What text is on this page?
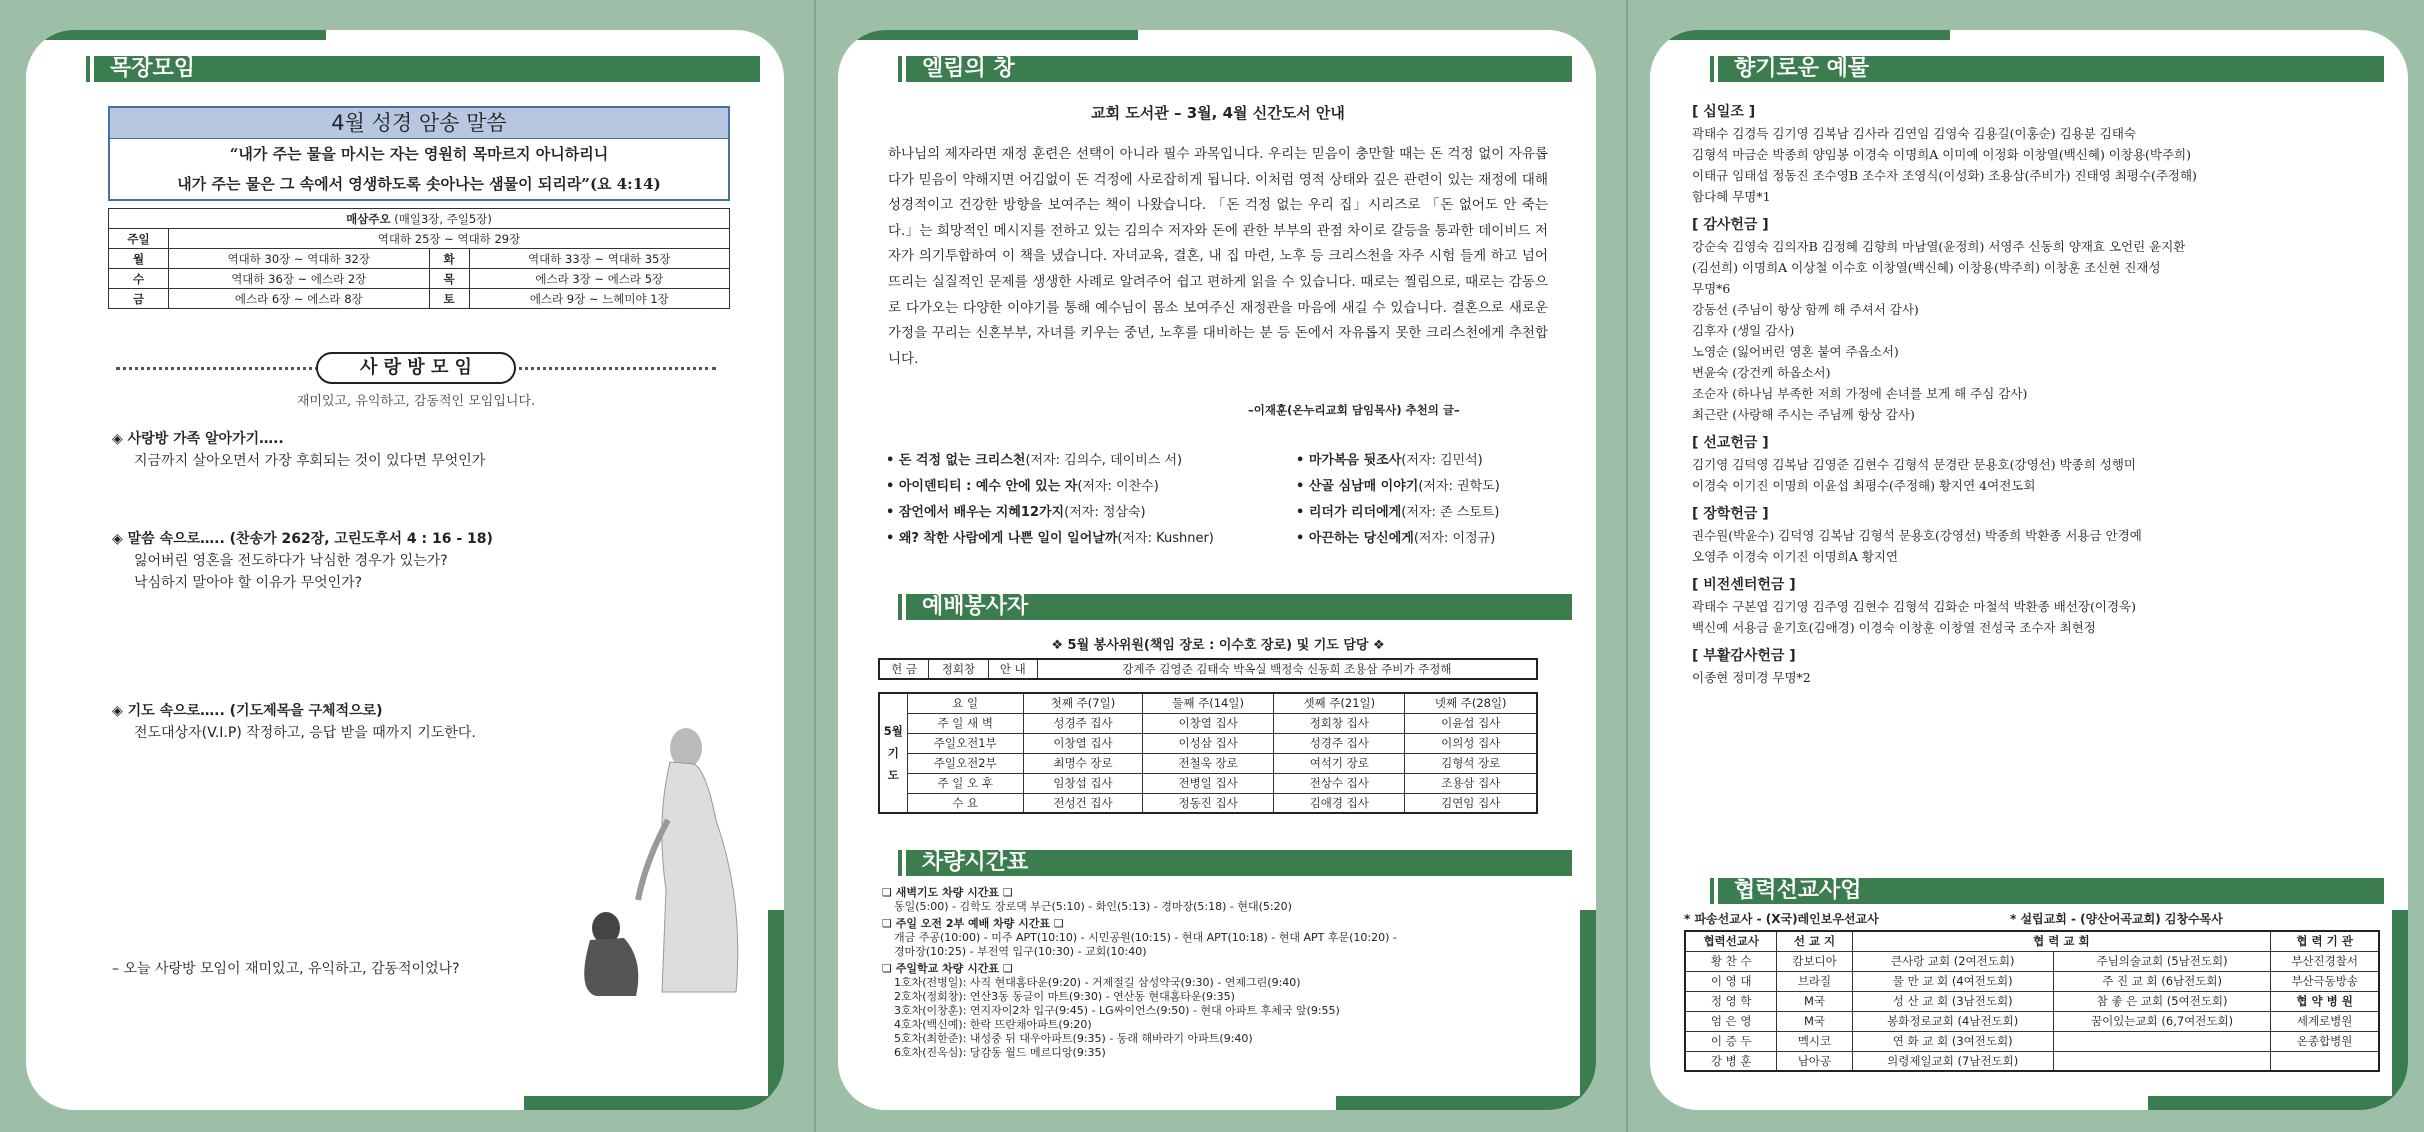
목장모임
4월 성경 암송 말씀
“내가 주는 물을 마시는 자는 영원히 목마르지 아니하리니
내가 주는 물은 그 속에서 영생하도록 솟아나는 샘물이 되리라”(요 4:14)
매삼주오 (매일3장, 주일5장)			
주일	역대하 25장 ~ 역대하 29장		
월	역대하 30장 ~ 역대하 32장	화	역대하 33장 ~ 역대하 35장
수	역대하 36장 ~ 에스라 2장	목	에스라 3장 ~ 에스라 5장
금	에스라 6장 ~ 에스라 8장	토	에스라 9장 ~ 느헤미야 1장
사 랑 방 모 임
재미있고, 유익하고, 감동적인 모임입니다.
◈ 사랑방 가족 알아가기…..
지금까지 살아오면서 가장 후회되는 것이 있다면 무엇인가
◈ 말씀 속으로….. (찬송가 262장, 고린도후서 4 : 16 - 18)
잃어버린 영혼을 전도하다가 낙심한 경우가 있는가?
낙심하지 말아야 할 이유가 무엇인가?
◈ 기도 속으로….. (기도제목을 구체적으로)
전도대상자(V.I.P) 작정하고, 응답 받을 때까지 기도한다.
– 오늘 사랑방 모임이 재미있고, 유익하고, 감동적이었나?
엘림의 창
교회 도서관 – 3월, 4월 신간도서 안내
하나님의 제자라면 재정 훈련은 선택이 아니라 필수 과목입니다. 우리는 믿음이 충만할 때는 돈 걱정 없이 자유롭다가 믿음이 약해지면 어김없이 돈 걱정에 사로잡히게 됩니다. 이처럼 영적 상태와 깊은 관련이 있는 재정에 대해 성경적이고 건강한 방향을 보여주는 책이 나왔습니다. 「돈 걱정 없는 우리 집」시리즈로 「돈 없어도 안 죽는다.」는 희망적인 메시지를 전하고 있는 김의수 저자와 돈에 관한 부부의 관점 차이로 갈등을 통과한 데이비드 저자가 의기투합하여 이 책을 냈습니다. 자녀교육, 결혼, 내 집 마련, 노후 등 크리스천을 자주 시험 들게 하고 넘어뜨리는 실질적인 문제를 생생한 사례로 알려주어 쉽고 편하게 읽을 수 있습니다. 때로는 찔림으로, 때로는 감동으로 다가오는 다양한 이야기를 통해 예수님이 몸소 보여주신 재정관을 마음에 새길 수 있습니다. 결혼으로 새로운 가정을 꾸리는 신혼부부, 자녀를 키우는 중년, 노후를 대비하는 분 등 돈에서 자유롭지 못한 크리스천에게 추천합니다.
–이재훈(온누리교회 담임목사) 추천의 글–
• 돈 걱정 없는 크리스천(저자: 김의수, 데이비스 서)	• 마가복음 뒷조사(저자: 김민석)
• 아이덴티티 : 예수 안에 있는 자(저자: 이찬수)	• 산골 심남매 이야기(저자: 권학도)
• 잠언에서 배우는 지혜12가지(저자: 정삼숙)	• 리더가 리더에게(저자: 존 스토트)
• 왜? 착한 사람에게 나쁜 일이 일어날까(저자: Kushner)	• 아끈하는 당신에게(저자: 이정규)
예배봉사자
❖ 5월 봉사위원(책임 장로 : 이수호 장로) 및 기도 담당 ❖
헌 금	정회창	안 내	강계주 김영준 김태숙 박옥실 백정숙 신동희 조용삼 주비가 주정해
5월기도	요 일	첫째 주(7일)	둘째 주(14일)	셋째 주(21일)	넷째 주(28일)
	주 일 새 벽	성경주 집사	이창열 집사	정회창 집사	이윤섭 집사
	주일오전1부	이창열 집사	이성삼 집사	성경주 집사	이의성 집사
	주일오전2부	최명수 장로	전철욱 장로	여석기 장로	김형석 장로
	주 일 오 후	임창섭 집사	전병일 집사	전상수 집사	조용삼 집사
	수 요	전성건 집사	정동진 집사	김애경 집사	김연임 집사
차량시간표
❏ 새벽기도 차량 시간표 ❏
동일(5:00) - 김학도 장로댁 부근(5:10) - 화인(5:13) - 경마장(5:18) - 현대(5:20)
❏ 주일 오전 2부 예배 차량 시간표 ❏
개금 주공(10:00) - 미주 APT(10:10) - 시민공원(10:15) - 현대 APT(10:18) - 현대 APT 후문(10:20) -
경마장(10:25) - 부전역 입구(10:30) - 교회(10:40)
❏ 주일학교 차량 시간표 ❏
1호차(전병일): 사직 현대홈타운(9:20) - 거제절길 삼성약국(9:30) - 연제그린(9:40)
2호차(정회창): 연산3동 동글이 마트(9:30) - 연산동 현대홈타운(9:35)
3호차(이창훈): 연지자이2차 입구(9:45) - LG싸이언스(9:50) - 현대 아파트 후체국 앞(9:55)
4호차(백신예): 한락 뜨란채아파트(9:20)
5호차(최한준): 내성중 뒤 대우아파트(9:35) - 동래 해바라기 아파트(9:40)
6호차(진옥심): 당감동 월드 메르디앙(9:35)
향기로운 예물
[ 십일조 ]
곽태수 김경득 김기영 김복남 김사라 김연임 김영숙 김용길(이홍순) 김용분 김태숙
김형석 마금순 박종희 양임봉 이경숙 이명희A 이미예 이정화 이창열(백신혜) 이창용(박주희)
이태규 임태섭 정동진 조수영B 조수자 조영식(이성화) 조용삼(주비가) 진태영 최평수(주정해)
함다혜 무명*1
[ 감사헌금 ]
강순숙 김영숙 김의자B 김정혜 김향희 마남열(윤정희) 서영주 신동희 양재효 오언린 윤지환
(김선희) 이명희A 이상철 이수호 이창열(백신혜) 이창용(박주희) 이창훈 조신현 진재성
무명*6
강동선 (주님이 항상 함께 해 주셔서 감사)
김후자 (생일 감사)
노영순 (잃어버린 영혼 붙여 주옵소서)
변윤숙 (강건케 하옵소서)
조순자 (하나님 부족한 저희 가정에 손녀를 보게 해 주심 감사)
최근란 (사랑해 주시는 주님께 항상 감사)
[ 선교헌금 ]
김기영 김덕영 김복남 김영준 김현수 김형석 문경란 문용호(강영선) 박종희 성행미
이경숙 이기진 이명희 이윤섭 최평수(주정해) 황지연 4여전도회
[ 장학헌금 ]
권수원(박윤수) 김덕영 김복남 김형석 문용호(강영선) 박종희 박환종 서용금 안경예
오영주 이경숙 이기진 이명희A 황지연
[ 비전센터헌금 ]
곽태수 구본엽 김기영 김주영 김현수 김형석 김화순 마철석 박환종 배선장(이경욱)
백신예 서용금 윤기호(김애경) 이경숙 이창훈 이창열 전성국 조수자 최현정
[ 부활감사헌금 ]
이종현 정미경 무명*2
협력선교사업
* 파송선교사 - (X국)레인보우선교사	* 설립교회 - (양산어곡교회) 김창수목사
협력선교사	선 교 지	협 력 교 회		협 력 기 관
황 찬 수	캄보디아	큰사랑 교회 (2여전도회)	주님의술교회 (5남전도회)	부산진경찰서
이 영 대	브라질	물 만 교 회 (4여전도회)	주 진 교 회 (6남전도회)	부산극동방송
정 영 학	M국	성 산 교 회 (3남전도회)	참 좋 은 교회 (5여전도회)	협 약 병 원
엄 은 영	M국	봉화정로교회 (4남전도회)	꿈이있는교회 (6,7여전도회)	세계로병원
이 증 두	멕시코	연 화 교 회 (3여전도회)		온종합병원
강 병 훈	남아공	의령제일교회 (7남전도회)		
